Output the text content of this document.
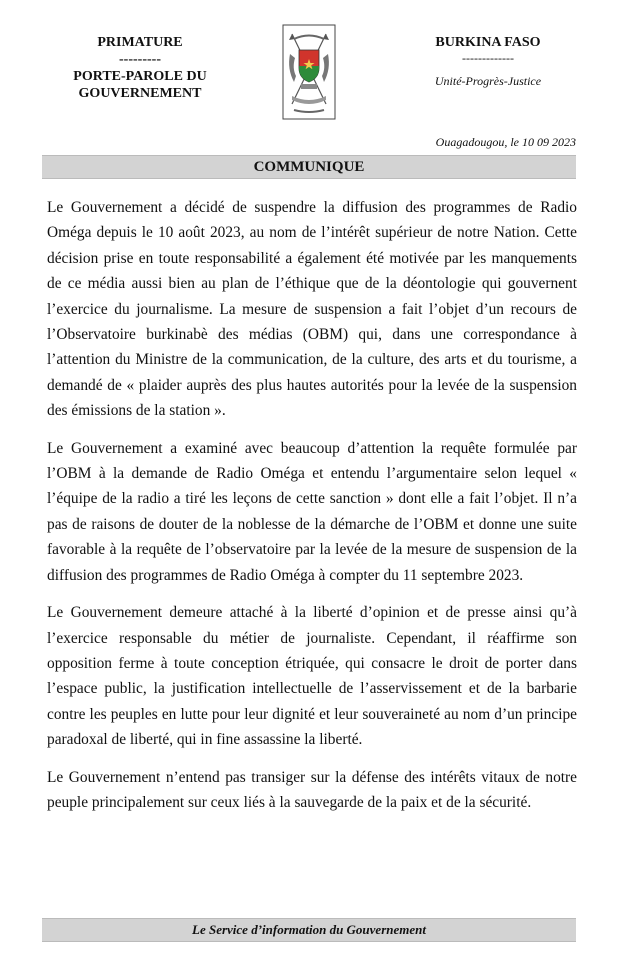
PRIMATURE
---------
PORTE-PAROLE DU
GOUVERNEMENT
BURKINA FASO
-------------
Unité-Progrès-Justice
Ouagadougou, le 10 09 2023
COMMUNIQUE

Le Gouvernement a décidé de suspendre la diffusion des programmes de Radio Oméga depuis le 10 août 2023, au nom de l’intérêt supérieur de notre Nation. Cette décision prise en toute responsabilité a également été motivée par les manquements de ce média aussi bien au plan de l’éthique que de la déontologie qui gouvernent l’exercice du journalisme. La mesure de suspension a fait l’objet d’un recours de l’Observatoire burkinabè des médias (OBM) qui, dans une correspondance à l’attention du Ministre de la communication, de la culture, des arts et du tourisme, a demandé de « plaider auprès des plus hautes autorités pour la levée de la suspension des émissions de la station ».

Le Gouvernement a examiné avec beaucoup d’attention la requête formulée par l’OBM à la demande de Radio Oméga et entendu l’argumentaire selon lequel « l’équipe de la radio a tiré les leçons de cette sanction » dont elle a fait l’objet. Il n’a pas de raisons de douter de la noblesse de la démarche de l’OBM et donne une suite favorable à la requête de l’observatoire par la levée de la mesure de suspension de la diffusion des programmes de Radio Oméga à compter du 11 septembre 2023.

Le Gouvernement demeure attaché à la liberté d’opinion et de presse ainsi qu’à l’exercice responsable du métier de journaliste. Cependant, il réaffirme son opposition ferme à toute conception étriquée, qui consacre le droit de porter dans l’espace public, la justification intellectuelle de l’asservissement et de la barbarie contre les peuples en lutte pour leur dignité et leur souveraineté au nom d’un principe paradoxal de liberté, qui in fine assassine la liberté.

Le Gouvernement n’entend pas transiger sur la défense des intérêts vitaux de notre peuple principalement sur ceux liés à la sauvegarde de la paix et de la sécurité.

Le Service d’information du Gouvernement
